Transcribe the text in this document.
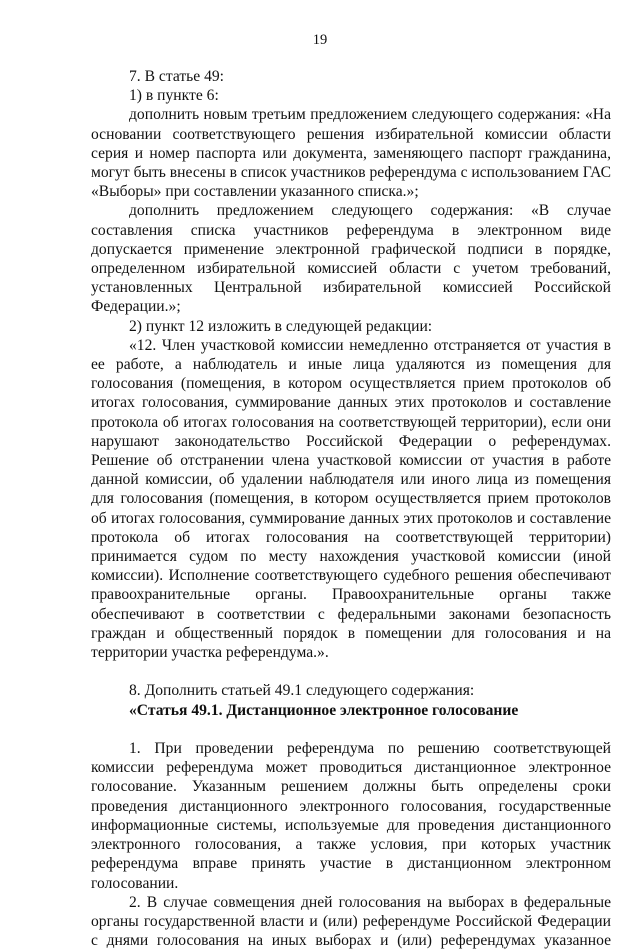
19

7. В статье 49:

1) в пункте 6:

дополнить новым третьим предложением следующего содержания: «На основании соответствующего решения избирательной комиссии области серия и номер паспорта или документа, заменяющего паспорт гражданина, могут быть внесены в список участников референдума с использованием ГАС «Выборы» при составлении указанного списка.»;

дополнить предложением следующего содержания: «В случае составления списка участников референдума в электронном виде допускается применение электронной графической подписи в порядке, определенном избирательной комиссией области с учетом требований, установленных Центральной избирательной комиссией Российской Федерации.»;

2) пункт 12 изложить в следующей редакции:

«12. Член участковой комиссии немедленно отстраняется от участия в ее работе, а наблюдатель и иные лица удаляются из помещения для голосования (помещения, в котором осуществляется прием протоколов об итогах голосования, суммирование данных этих протоколов и составление протокола об итогах голосования на соответствующей территории), если они нарушают законодательство Российской Федерации о референдумах. Решение об отстранении члена участковой комиссии от участия в работе данной комиссии, об удалении наблюдателя или иного лица из помещения для голосования (помещения, в котором осуществляется прием протоколов об итогах голосования, суммирование данных этих протоколов и составление протокола об итогах голосования на соответствующей территории) принимается судом по месту нахождения участковой комиссии (иной комиссии). Исполнение соответствующего судебного решения обеспечивают правоохранительные органы. Правоохранительные органы также обеспечивают в соответствии с федеральными законами безопасность граждан и общественный порядок в помещении для голосования и на территории участка референдума.».

8. Дополнить статьей 49.1 следующего содержания:

«Статья 49.1. Дистанционное электронное голосование

1. При проведении референдума по решению соответствующей комиссии референдума может проводиться дистанционное электронное голосование. Указанным решением должны быть определены сроки проведения дистанционного электронного голосования, государственные информационные системы, используемые для проведения дистанционного электронного голосования, а также условия, при которых участник референдума вправе принять участие в дистанционном электронном голосовании.

2. В случае совмещения дней голосования на выборах в федеральные органы государственной власти и (или) референдуме Российской Федерации с днями голосования на иных выборах и (или) референдумах указанное
